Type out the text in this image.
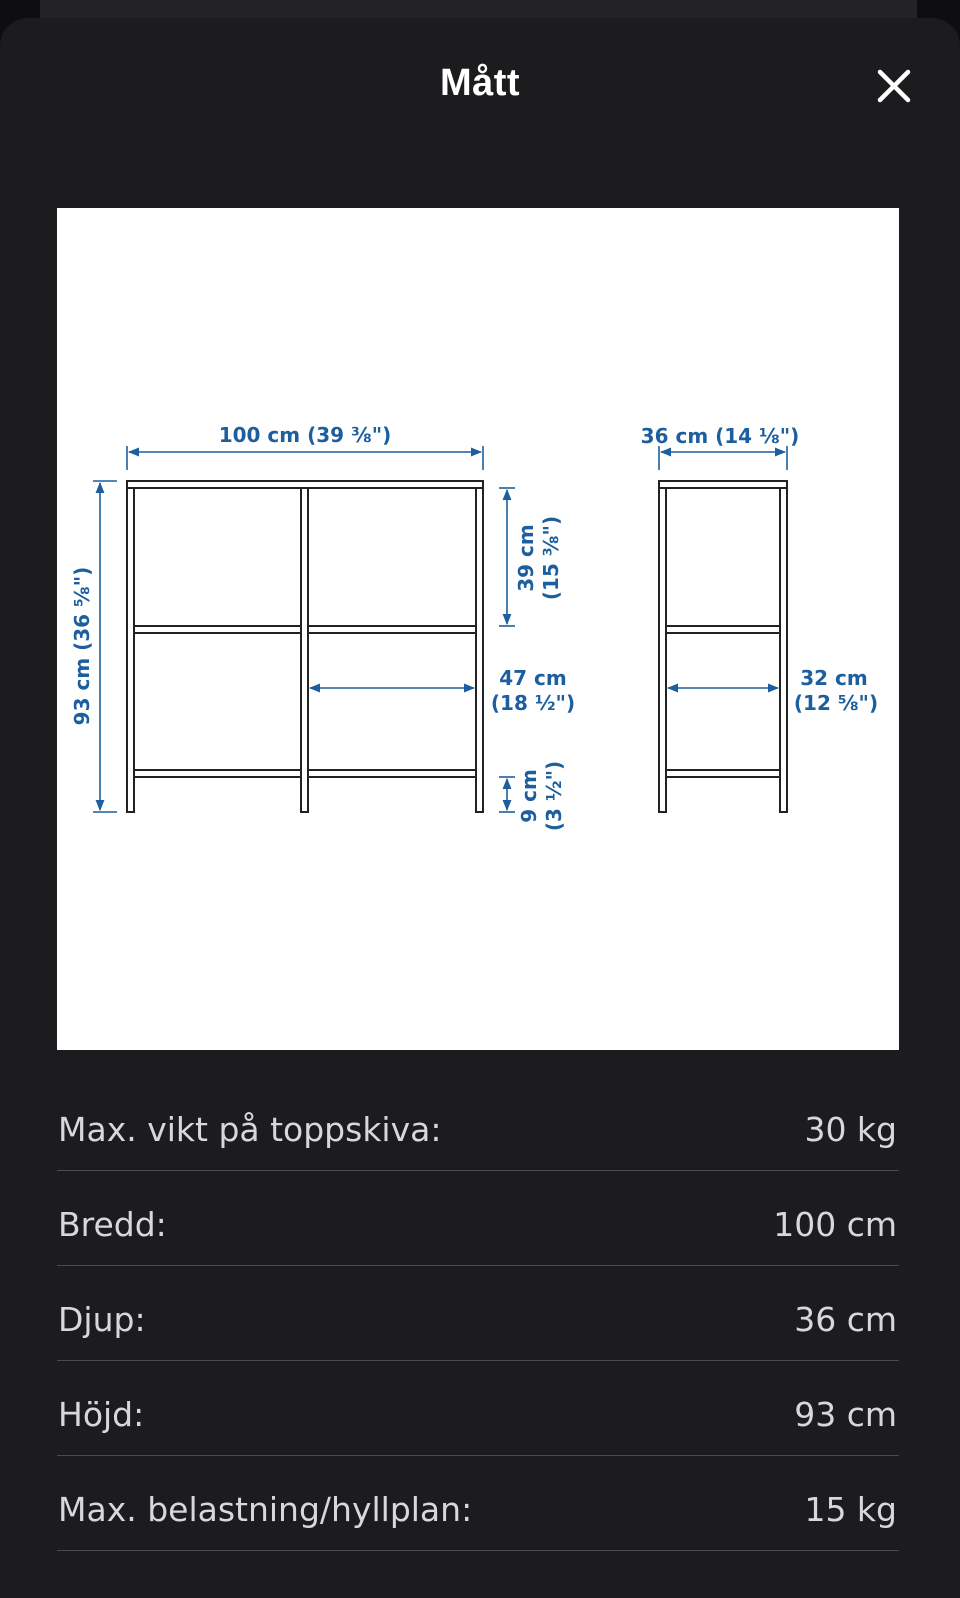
Mått
100 cm (39 ⅜")	36 cm (14 ⅛")
93 cm (36 ⅝")
39 cm (15 ⅜")
47 cm
(18 ½")
9 cm (3 ½")
32 cm
(12 ⅝")
Max. vikt på toppskiva:	30 kg
Bredd:	100 cm
Djup:	36 cm
Höjd:	93 cm
Max. belastning/hyllplan:	15 kg
